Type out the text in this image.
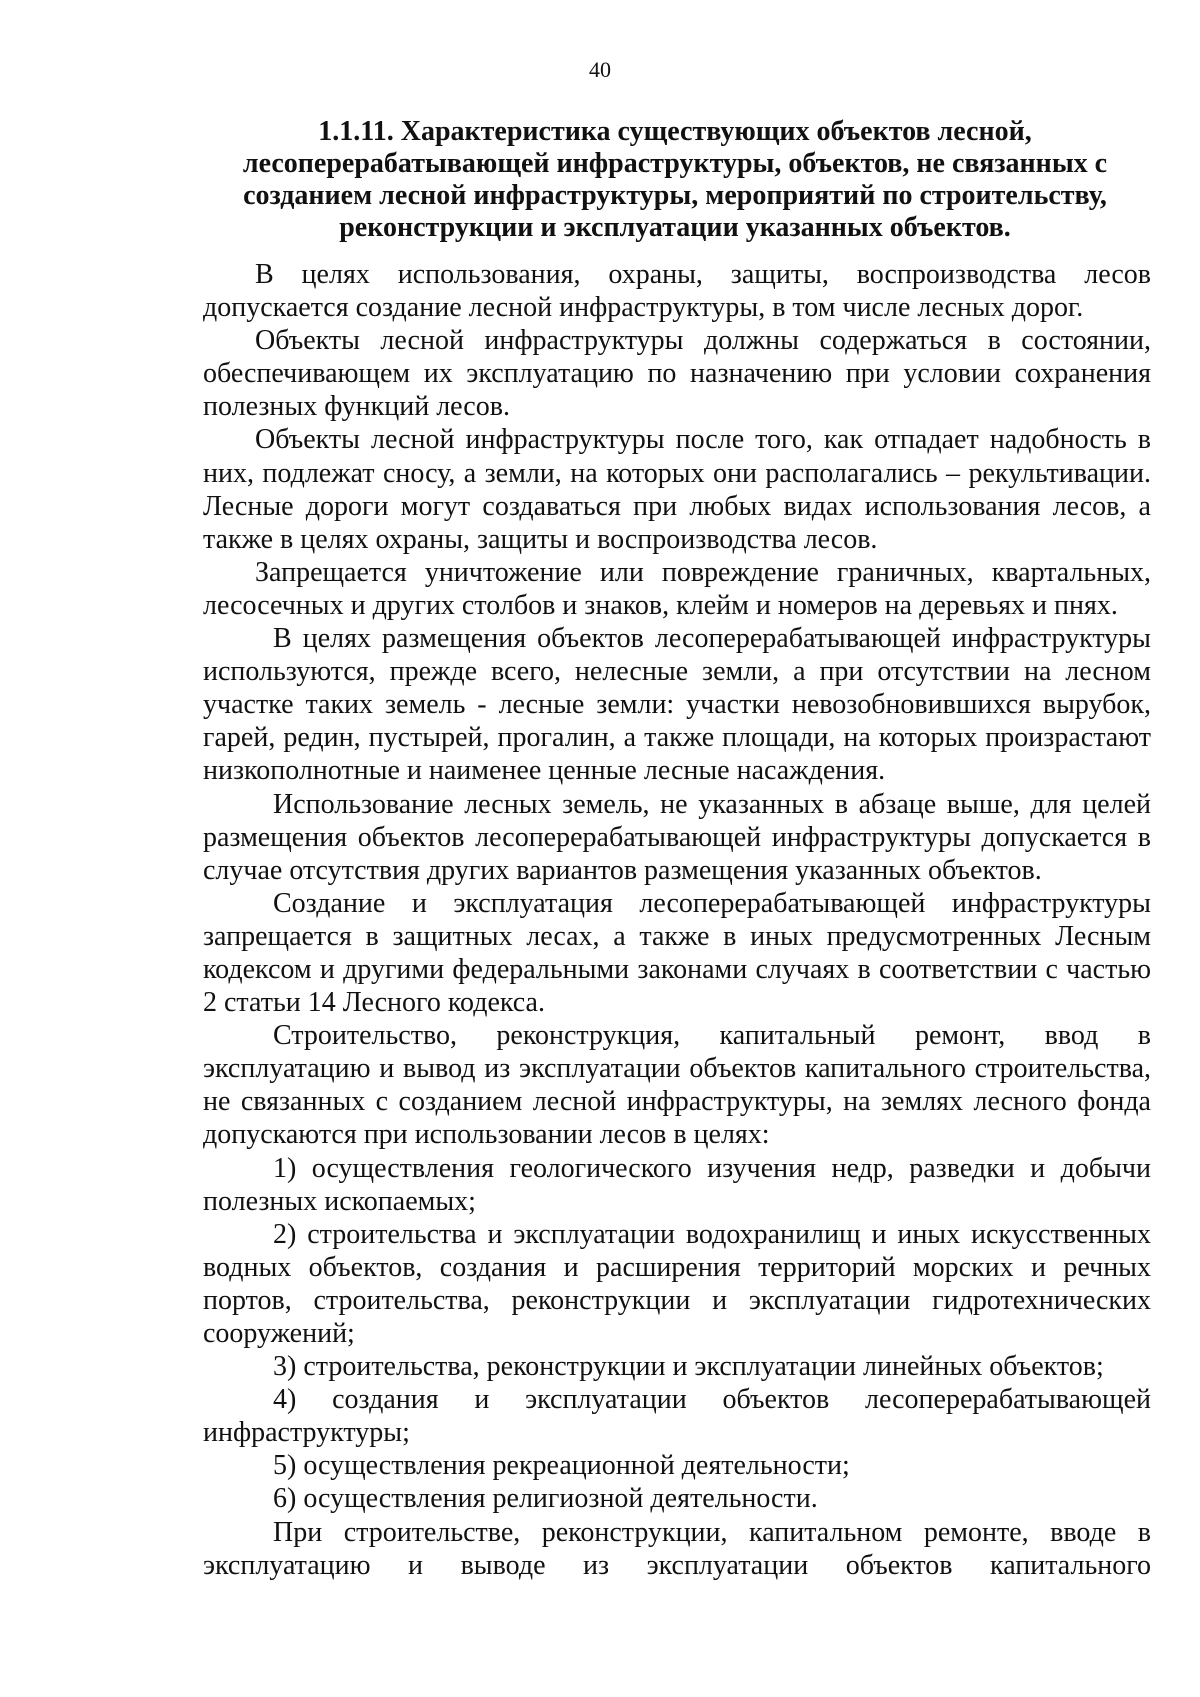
40
1.1.11. Характеристика существующих объектов лесной,
лесоперерабатывающей инфраструктуры, объектов, не связанных с
созданием лесной инфраструктуры, мероприятий по строительству,
реконструкции и эксплуатации указанных объектов.
В целях использования, охраны, защиты, воспроизводства лесов
допускается создание лесной инфраструктуры, в том числе лесных дорог.
Объекты лесной инфраструктуры должны содержаться в состоянии,
обеспечивающем их эксплуатацию по назначению при условии сохранения
полезных функций лесов.
Объекты лесной инфраструктуры после того, как отпадает надобность в
них, подлежат сносу, а земли, на которых они располагались – рекультивации.
Лесные дороги могут создаваться при любых видах использования лесов, а
также в целях охраны, защиты и воспроизводства лесов.
Запрещается уничтожение или повреждение граничных, квартальных,
лесосечных и других столбов и знаков, клейм и номеров на деревьях и пнях.
В целях размещения объектов лесоперерабатывающей инфраструктуры
используются, прежде всего, нелесные земли, а при отсутствии на лесном
участке таких земель - лесные земли: участки невозобновившихся вырубок,
гарей, редин, пустырей, прогалин, а также площади, на которых произрастают
низкополнотные и наименее ценные лесные насаждения.
Использование лесных земель, не указанных в абзаце выше, для целей
размещения объектов лесоперерабатывающей инфраструктуры допускается в
случае отсутствия других вариантов размещения указанных объектов.
Создание и эксплуатация лесоперерабатывающей инфраструктуры
запрещается в защитных лесах, а также в иных предусмотренных Лесным
кодексом и другими федеральными законами случаях в соответствии с частью
2 статьи 14 Лесного кодекса.
Строительство, реконструкция, капитальный ремонт, ввод в
эксплуатацию и вывод из эксплуатации объектов капитального строительства,
не связанных с созданием лесной инфраструктуры, на землях лесного фонда
допускаются при использовании лесов в целях:
1) осуществления геологического изучения недр, разведки и добычи
полезных ископаемых;
2) строительства и эксплуатации водохранилищ и иных искусственных
водных объектов, создания и расширения территорий морских и речных
портов, строительства, реконструкции и эксплуатации гидротехнических
сооружений;
3) строительства, реконструкции и эксплуатации линейных объектов;
4) создания и эксплуатации объектов лесоперерабатывающей
инфраструктуры;
5) осуществления рекреационной деятельности;
6) осуществления религиозной деятельности.
При строительстве, реконструкции, капитальном ремонте, вводе в
эксплуатацию и выводе из эксплуатации объектов капитального
